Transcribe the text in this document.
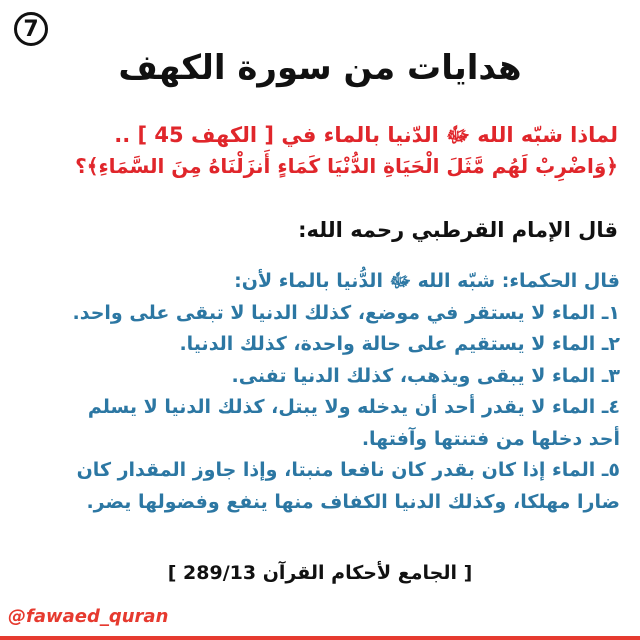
7
هدايات من سورة الكهف
لماذا شبّه الله ﷻ الدّنيا بالماء في [ الكهف 45 ] ..
﴿وَاضْرِبْ لَهُم مَّثَلَ الْحَيَاةِ الدُّنْيَا كَمَاءٍ أَنزَلْنَاهُ مِنَ السَّمَاءِ﴾؟
قال الإمام القرطبي رحمه الله:
قال الحكماء: شبّه الله ﷻ الدُّنيا بالماء لأن:
١ـ الماء لا يستقر في موضع، كذلك الدنيا لا تبقى على واحد.
٢ـ الماء لا يستقيم على حالة واحدة، كذلك الدنيا.
٣ـ الماء لا يبقى ويذهب، كذلك الدنيا تفنى.
٤ـ الماء لا يقدر أحد أن يدخله ولا يبتل، كذلك الدنيا لا يسلم
أحد دخلها من فتنتها وآفتها.
٥ـ الماء إذا كان بقدر كان نافعا منبتا، وإذا جاوز المقدار كان
ضارا مهلكا، وكذلك الدنيا الكفاف منها ينفع وفضولها يضر.
[ الجامع لأحكام القرآن 289/13 ]
@fawaed_quran
